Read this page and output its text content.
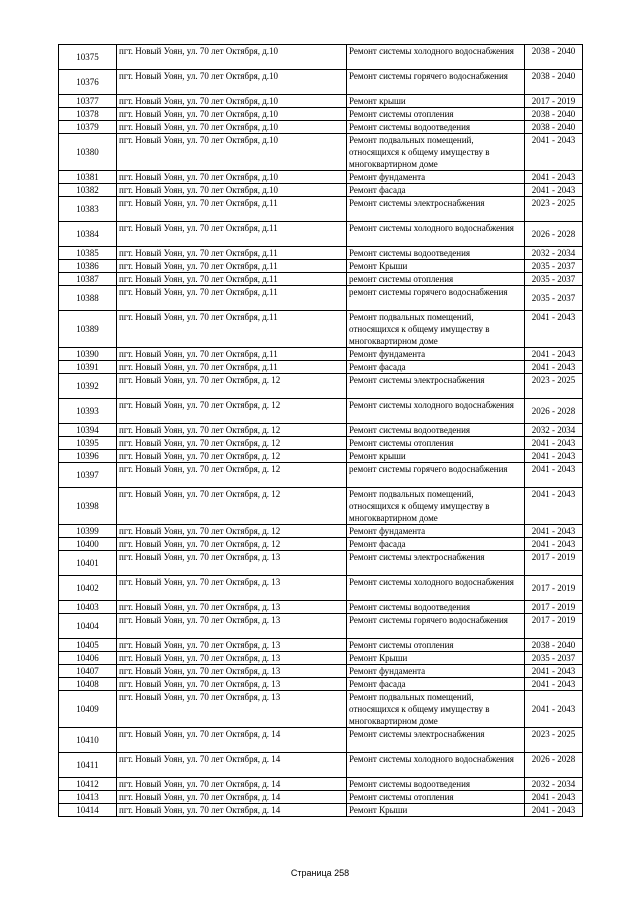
10375	пгт. Новый Уоян, ул. 70 лет Октября, д.10	Ремонт системы холодного водоснабжения	2038 - 2040
10376	пгт. Новый Уоян, ул. 70 лет Октября, д.10	Ремонт системы горячего водоснабжения	2038 - 2040
10377	пгт. Новый Уоян, ул. 70 лет Октября, д.10	Ремонт крыши	2017 - 2019
10378	пгт. Новый Уоян, ул. 70 лет Октября, д.10	Ремонт системы отопления	2038 - 2040
10379	пгт. Новый Уоян, ул. 70 лет Октября, д.10	Ремонт системы водоотведения	2038 - 2040
10380	пгт. Новый Уоян, ул. 70 лет Октября, д.10	Ремонт подвальных помещений, относящихся к общему имуществу в многоквартирном доме	2041 - 2043
10381	пгт. Новый Уоян, ул. 70 лет Октября, д.10	Ремонт фундамента	2041 - 2043
10382	пгт. Новый Уоян, ул. 70 лет Октября, д.10	Ремонт фасада	2041 - 2043
10383	пгт. Новый Уоян, ул. 70 лет Октября, д.11	Ремонт системы электроснабжения	2023 - 2025
10384	пгт. Новый Уоян, ул. 70 лет Октября, д.11	Ремонт системы холодного водоснабжения	2026 - 2028
10385	пгт. Новый Уоян, ул. 70 лет Октября, д.11	Ремонт системы водоотведения	2032 - 2034
10386	пгт. Новый Уоян, ул. 70 лет Октября, д.11	Ремонт Крыши	2035 - 2037
10387	пгт. Новый Уоян, ул. 70 лет Октября, д.11	ремонт системы отопления	2035 - 2037
10388	пгт. Новый Уоян, ул. 70 лет Октября, д.11	ремонт системы горячего водоснабжения	2035 - 2037
10389	пгт. Новый Уоян, ул. 70 лет Октября, д.11	Ремонт подвальных помещений, относящихся к общему имуществу в многоквартирном доме	2041 - 2043
10390	пгт. Новый Уоян, ул. 70 лет Октября, д.11	Ремонт фундамента	2041 - 2043
10391	пгт. Новый Уоян, ул. 70 лет Октября, д.11	Ремонт фасада	2041 - 2043
10392	пгт. Новый Уоян, ул. 70 лет Октября, д. 12	Ремонт системы электроснабжения	2023 - 2025
10393	пгт. Новый Уоян, ул. 70 лет Октября, д. 12	Ремонт системы холодного водоснабжения	2026 - 2028
10394	пгт. Новый Уоян, ул. 70 лет Октября, д. 12	Ремонт системы водоотведения	2032 - 2034
10395	пгт. Новый Уоян, ул. 70 лет Октября, д. 12	Ремонт системы отопления	2041 - 2043
10396	пгт. Новый Уоян, ул. 70 лет Октября, д. 12	Ремонт крыши	2041 - 2043
10397	пгт. Новый Уоян, ул. 70 лет Октября, д. 12	ремонт системы горячего водоснабжения	2041 - 2043
10398	пгт. Новый Уоян, ул. 70 лет Октября, д. 12	Ремонт подвальных помещений, относящихся к общему имуществу в многоквартирном доме	2041 - 2043
10399	пгт. Новый Уоян, ул. 70 лет Октября, д. 12	Ремонт фундамента	2041 - 2043
10400	пгт. Новый Уоян, ул. 70 лет Октября, д. 12	Ремонт фасада	2041 - 2043
10401	пгт. Новый Уоян, ул. 70 лет Октября, д. 13	Ремонт системы электроснабжения	2017 - 2019
10402	пгт. Новый Уоян, ул. 70 лет Октября, д. 13	Ремонт системы холодного водоснабжения	2017 - 2019
10403	пгт. Новый Уоян, ул. 70 лет Октября, д. 13	Ремонт системы водоотведения	2017 - 2019
10404	пгт. Новый Уоян, ул. 70 лет Октября, д. 13	Ремонт системы горячего водоснабжения	2017 - 2019
10405	пгт. Новый Уоян, ул. 70 лет Октября, д. 13	Ремонт системы отопления	2038 - 2040
10406	пгт. Новый Уоян, ул. 70 лет Октября, д. 13	Ремонт Крыши	2035 - 2037
10407	пгт. Новый Уоян, ул. 70 лет Октября, д. 13	Ремонт фундамента	2041 - 2043
10408	пгт. Новый Уоян, ул. 70 лет Октября, д. 13	Ремонт фасада	2041 - 2043
10409	пгт. Новый Уоян, ул. 70 лет Октября, д. 13	Ремонт подвальных помещений, относящихся к общему имуществу в многоквартирном доме	2041 - 2043
10410	пгт. Новый Уоян, ул. 70 лет Октября, д. 14	Ремонт системы электроснабжения	2023 - 2025
10411	пгт. Новый Уоян, ул. 70 лет Октября, д. 14	Ремонт системы холодного водоснабжения	2026 - 2028
10412	пгт. Новый Уоян, ул. 70 лет Октября, д. 14	Ремонт системы водоотведения	2032 - 2034
10413	пгт. Новый Уоян, ул. 70 лет Октября, д. 14	Ремонт системы отопления	2041 - 2043
10414	пгт. Новый Уоян, ул. 70 лет Октября, д. 14	Ремонт Крыши	2041 - 2043
Страница 258
